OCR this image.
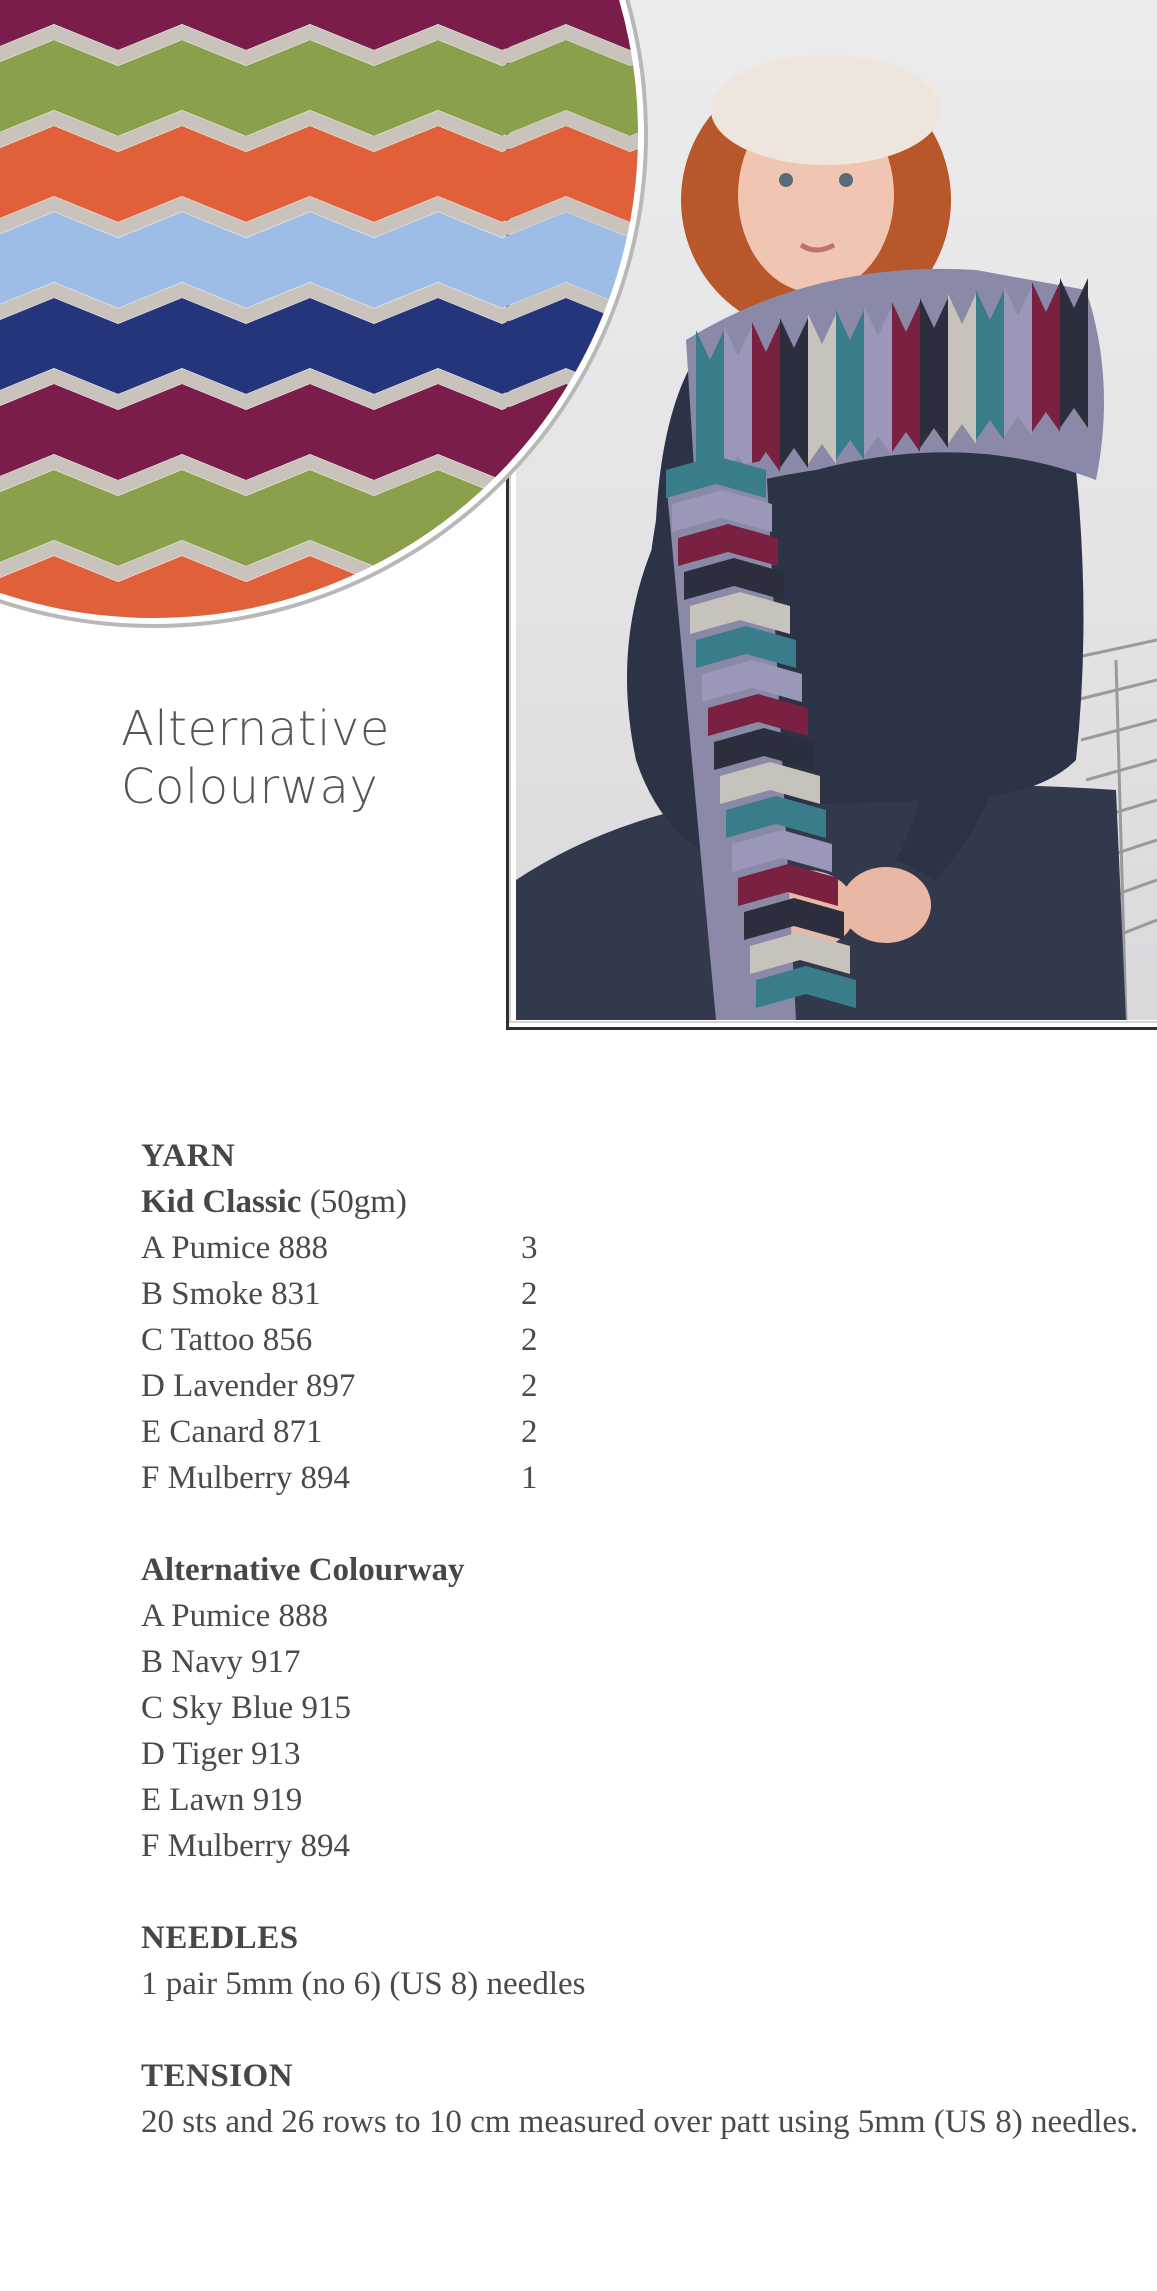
Alternative
Colourway

YARN

Kid Classic (50gm)

A Pumice 888	3
B Smoke 831	2
C Tattoo 856	2
D Lavender 897	2
E Canard 871	2
F Mulberry 894	1

Alternative Colourway

A Pumice 888
B Navy 917
C Sky Blue 915
D Tiger 913
E Lawn 919
F Mulberry 894

NEEDLES

1 pair 5mm (no 6) (US 8) needles

TENSION

20 sts and 26 rows to 10 cm measured over patt using 5mm (US 8) needles.
